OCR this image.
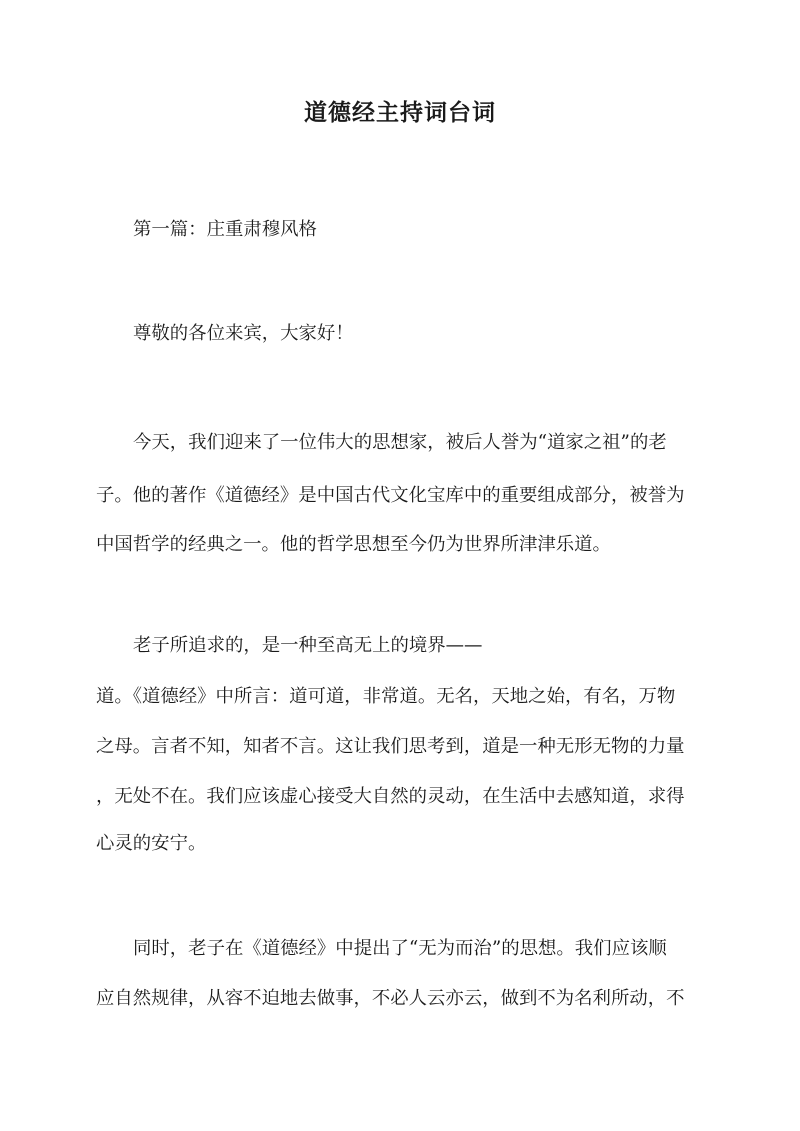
道德经主持词台词
第一篇：庄重肃穆风格
尊敬的各位来宾，大家好！
今天，我们迎来了一位伟大的思想家，被后人誉为“道家之祖”的老
子。他的著作《道德经》是中国古代文化宝库中的重要组成部分，被誉为
中国哲学的经典之一。他的哲学思想至今仍为世界所津津乐道。
老子所追求的，是一种至高无上的境界——
道。《道德经》中所言：道可道，非常道。无名，天地之始，有名，万物
之母。言者不知，知者不言。这让我们思考到，道是一种无形无物的力量
，无处不在。我们应该虚心接受大自然的灵动，在生活中去感知道，求得
心灵的安宁。
同时，老子在《道德经》中提出了“无为而治”的思想。我们应该顺
应自然规律，从容不迫地去做事，不必人云亦云，做到不为名利所动，不
